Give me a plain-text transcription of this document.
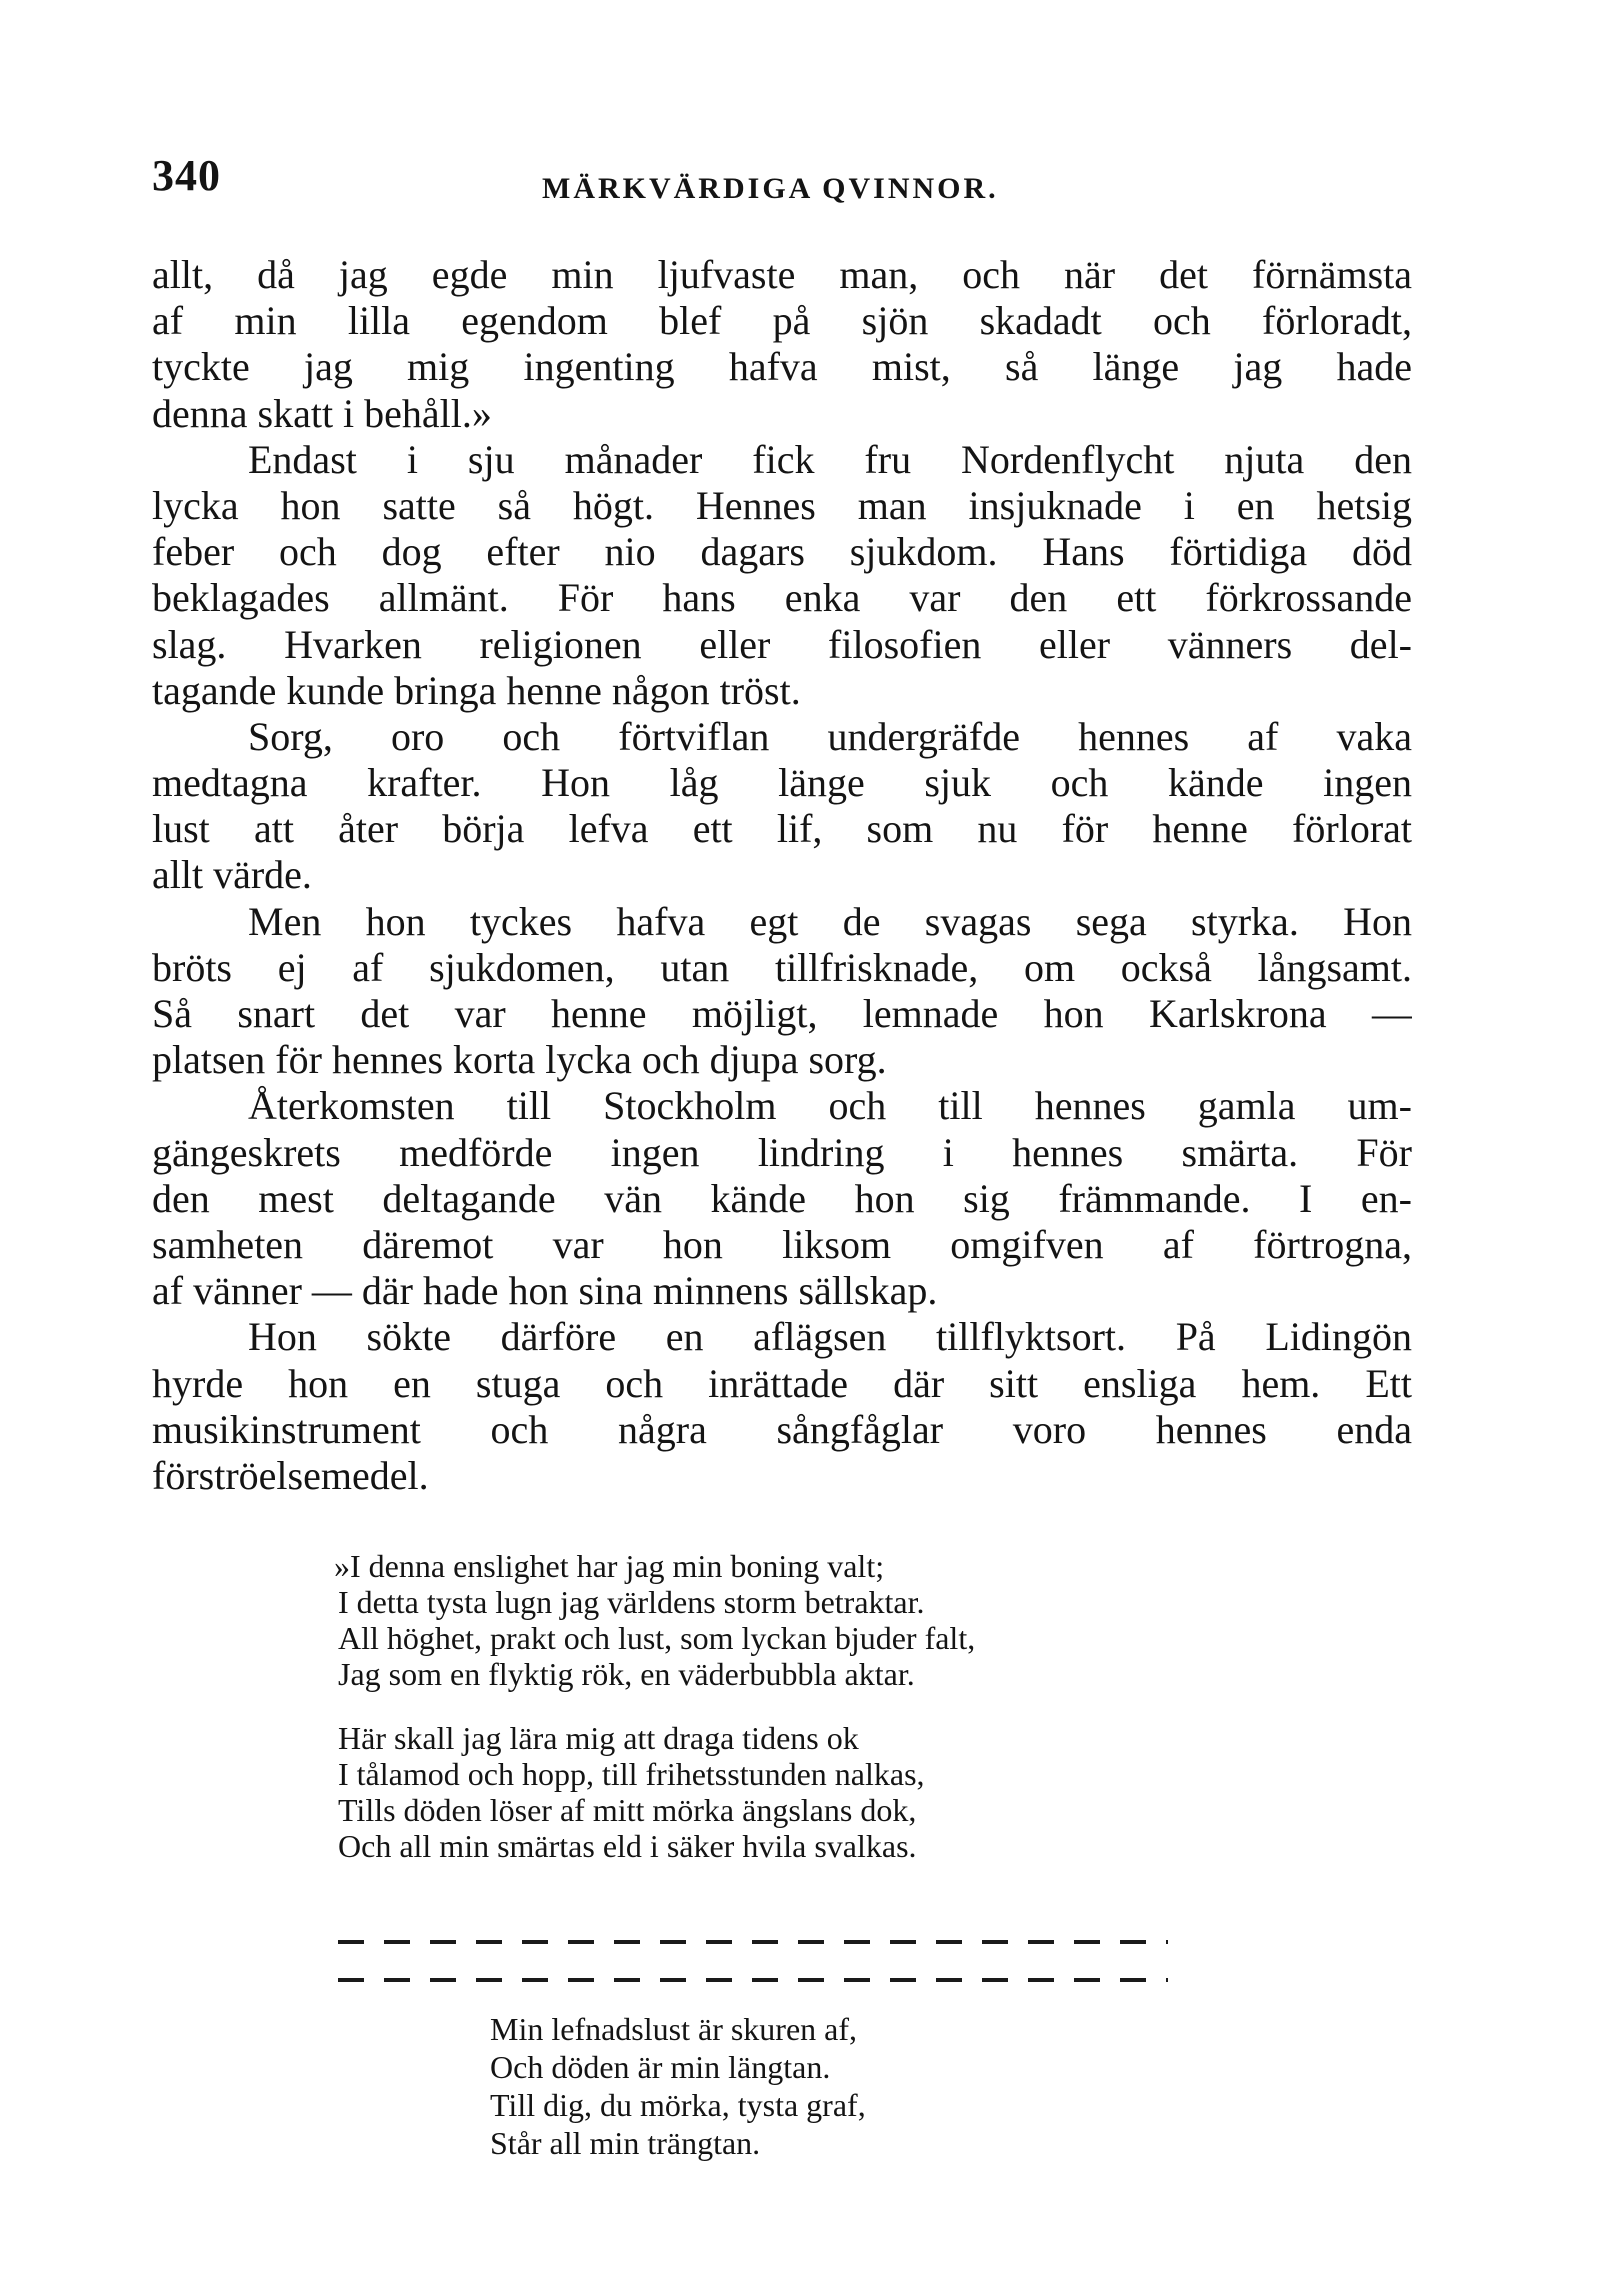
340	MÄRKVÄRDIGA QVINNOR.
allt, då jag egde min ljufvaste man, och när det förnämsta
af min lilla egendom blef på sjön skadadt och förloradt,
tyckte jag mig ingenting hafva mist, så länge jag hade
denna skatt i behåll.»
Endast i sju månader fick fru Nordenflycht njuta den
lycka hon satte så högt. Hennes man insjuknade i en hetsig
feber och dog efter nio dagars sjukdom. Hans förtidiga död
beklagades allmänt. För hans enka var den ett förkrossande
slag. Hvarken religionen eller filosofien eller vänners del-
tagande kunde bringa henne någon tröst.
Sorg, oro och förtviflan undergräfde hennes af vaka
medtagna krafter. Hon låg länge sjuk och kände ingen
lust att åter börja lefva ett lif, som nu för henne förlorat
allt värde.
Men hon tyckes hafva egt de svagas sega styrka. Hon
bröts ej af sjukdomen, utan tillfrisknade, om också långsamt.
Så snart det var henne möjligt, lemnade hon Karlskrona —
platsen för hennes korta lycka och djupa sorg.
Återkomsten till Stockholm och till hennes gamla um-
gängeskrets medförde ingen lindring i hennes smärta. För
den mest deltagande vän kände hon sig främmande. I en-
samheten däremot var hon liksom omgifven af förtrogna,
af vänner — där hade hon sina minnens sällskap.
Hon sökte därföre en aflägsen tillflyktsort. På Lidingön
hyrde hon en stuga och inrättade där sitt ensliga hem. Ett
musikinstrument och några sångfåglar voro hennes enda
förströelsemedel.
»I denna enslighet har jag min boning valt;
I detta tysta lugn jag världens storm betraktar.
All höghet, prakt och lust, som lyckan bjuder falt,
Jag som en flyktig rök, en väderbubbla aktar.
Här skall jag lära mig att draga tidens ok
I tålamod och hopp, till frihetsstunden nalkas,
Tills döden löser af mitt mörka ängslans dok,
Och all min smärtas eld i säker hvila svalkas.
Min lefnadslust är skuren af,
Och döden är min längtan.
Till dig, du mörka, tysta graf,
Står all min trängtan.
